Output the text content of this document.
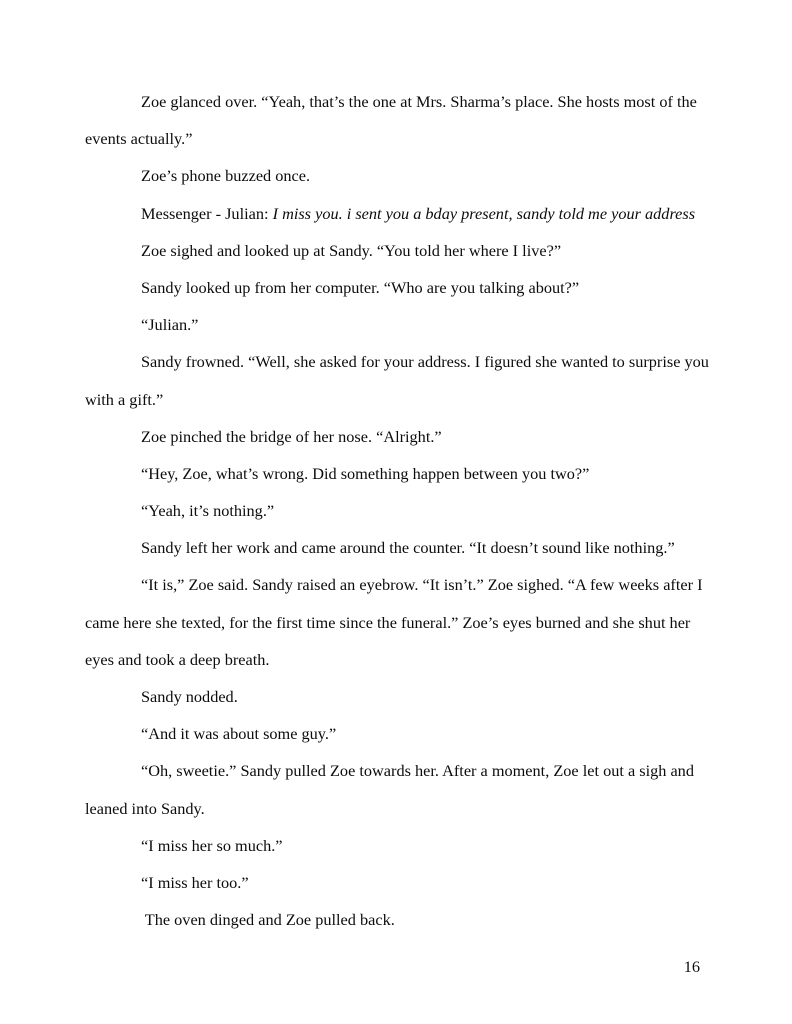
Zoe glanced over. “Yeah, that’s the one at Mrs. Sharma’s place. She hosts most of the
events actually.”
Zoe’s phone buzzed once.
Messenger - Julian: I miss you. i sent you a bday present, sandy told me your address
Zoe sighed and looked up at Sandy. “You told her where I live?”
Sandy looked up from her computer. “Who are you talking about?”
“Julian.”
Sandy frowned. “Well, she asked for your address. I figured she wanted to surprise you
with a gift.”
Zoe pinched the bridge of her nose. “Alright.”
“Hey, Zoe, what’s wrong. Did something happen between you two?”
“Yeah, it’s nothing.”
Sandy left her work and came around the counter. “It doesn’t sound like nothing.”
“It is,” Zoe said. Sandy raised an eyebrow. “It isn’t.” Zoe sighed. “A few weeks after I
came here she texted, for the first time since the funeral.” Zoe’s eyes burned and she shut her
eyes and took a deep breath.
Sandy nodded.
“And it was about some guy.”
“Oh, sweetie.” Sandy pulled Zoe towards her. After a moment, Zoe let out a sigh and
leaned into Sandy.
“I miss her so much.”
“I miss her too.”
The oven dinged and Zoe pulled back.
16
